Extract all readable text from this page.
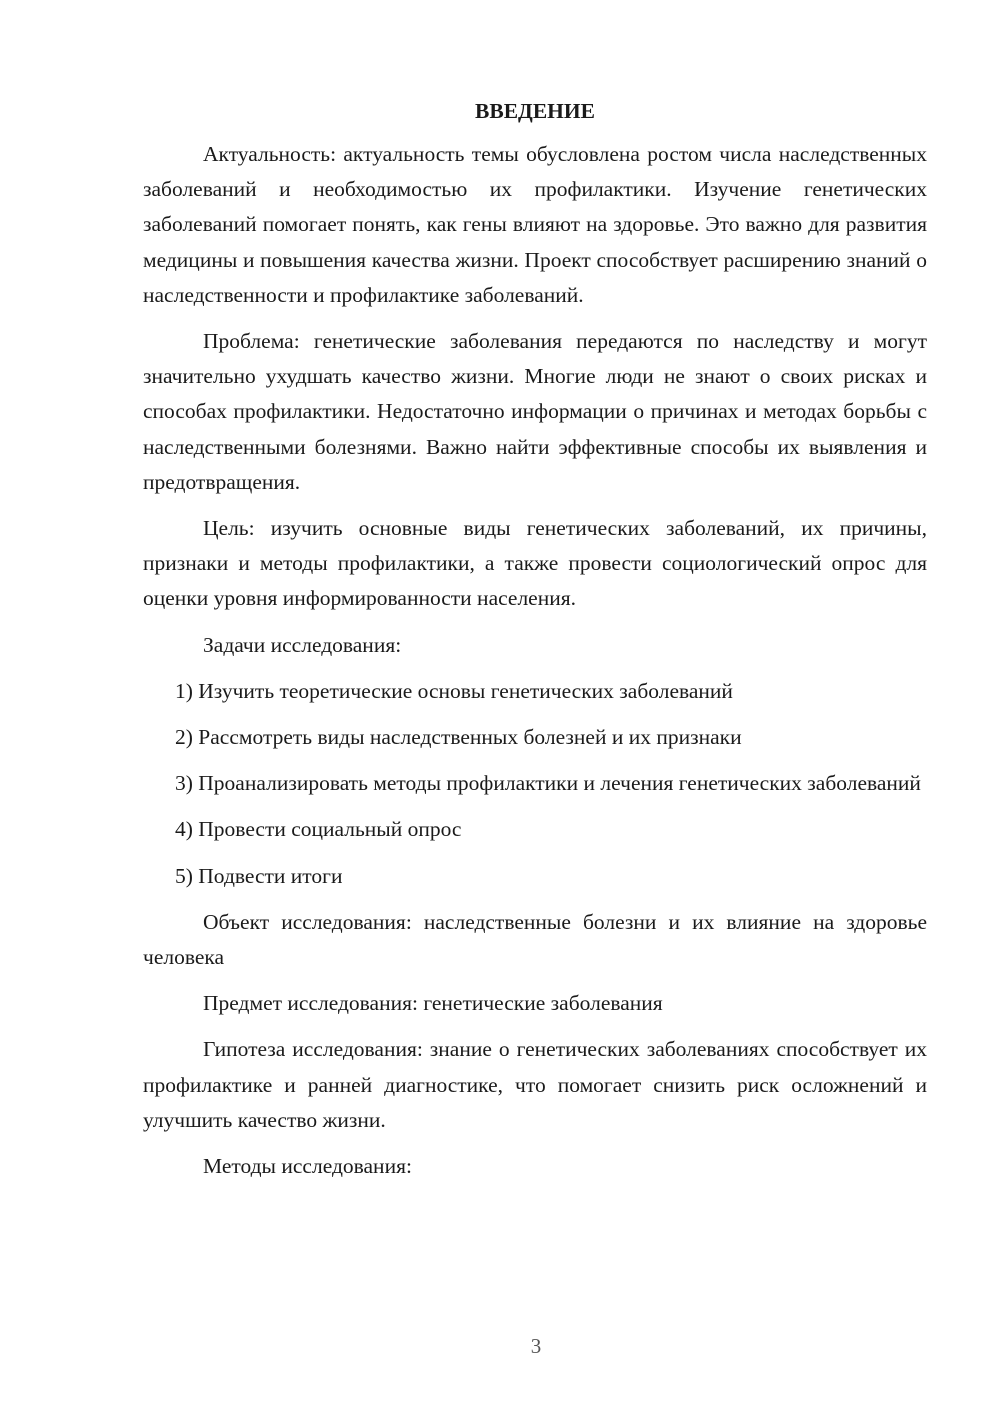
ВВЕДЕНИЕ

Актуальность: актуальность темы обусловлена ростом числа наследственных заболеваний и необходимостью их профилактики. Изучение генетических заболеваний помогает понять, как гены влияют на здоровье. Это важно для развития медицины и повышения качества жизни. Проект способствует расширению знаний о наследственности и профилактике заболеваний.

Проблема: генетические заболевания передаются по наследству и могут значительно ухудшать качество жизни. Многие люди не знают о своих рисках и способах профилактики. Недостаточно информации о причинах и методах борьбы с наследственными болезнями. Важно найти эффективные способы их выявления и предотвращения.

Цель: изучить основные виды генетических заболеваний, их причины, признаки и методы профилактики, а также провести социологический опрос для оценки уровня информированности населения.

Задачи исследования:

1) Изучить теоретические основы генетических заболеваний

2) Рассмотреть виды наследственных болезней и их признаки

3) Проанализировать методы профилактики и лечения генетических заболеваний

4) Провести социальный опрос

5) Подвести итоги

Объект исследования: наследственные болезни и их влияние на здоровье человека

Предмет исследования: генетические заболевания

Гипотеза исследования: знание о генетических заболеваниях способствует их профилактике и ранней диагностике, что помогает снизить риск осложнений и улучшить качество жизни.

Методы исследования:

3
